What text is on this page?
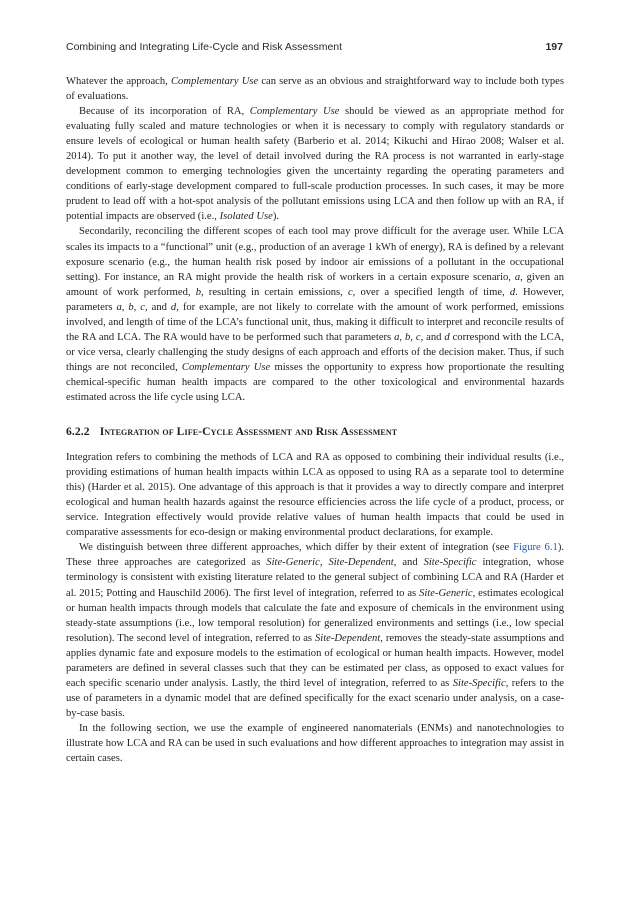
Combining and Integrating Life-Cycle and Risk Assessment	197

Whatever the approach, Complementary Use can serve as an obvious and straightforward way to include both types of evaluations.

Because of its incorporation of RA, Complementary Use should be viewed as an appropriate method for evaluating fully scaled and mature technologies or when it is necessary to comply with regulatory standards or ensure levels of ecological or human health safety (Barberio et al. 2014; Kikuchi and Hirao 2008; Walser et al. 2014). To put it another way, the level of detail involved during the RA process is not warranted in early-stage development common to emerging technologies given the uncertainty regarding the operating parameters and conditions of early-stage development compared to full-scale production processes. In such cases, it may be more prudent to lead off with a hot-spot analysis of the pollutant emissions using LCA and then follow up with an RA, if potential impacts are observed (i.e., Isolated Use).

Secondarily, reconciling the different scopes of each tool may prove difficult for the average user. While LCA scales its impacts to a “functional” unit (e.g., production of an average 1 kWh of energy), RA is defined by a relevant exposure scenario (e.g., the human health risk posed by indoor air emissions of a pollutant in the occupational setting). For instance, an RA might provide the health risk of workers in a certain exposure scenario, a, given an amount of work performed, b, resulting in certain emissions, c, over a specified length of time, d. However, parameters a, b, c, and d, for example, are not likely to correlate with the amount of work performed, emissions involved, and length of time of the LCA’s functional unit, thus, making it difficult to interpret and reconcile results of the RA and LCA. The RA would have to be performed such that parameters a, b, c, and d correspond with the LCA, or vice versa, clearly challenging the study designs of each approach and efforts of the decision maker. Thus, if such things are not reconciled, Complementary Use misses the opportunity to express how proportionate the resulting chemical-specific human health impacts are compared to the other toxicological and environmental hazards estimated across the life cycle using LCA.

6.2.2 Integration of Life-Cycle Assessment and Risk Assessment

Integration refers to combining the methods of LCA and RA as opposed to combining their individual results (i.e., providing estimations of human health impacts within LCA as opposed to using RA as a separate tool to determine this) (Harder et al. 2015). One advantage of this approach is that it provides a way to directly compare and interpret ecological and human health hazards against the resource efficiencies across the life cycle of a product, process, or service. Integration effectively would provide relative values of human health impacts that could be used in comparative assessments for eco-design or making environmental product declarations, for example.

We distinguish between three different approaches, which differ by their extent of integration (see Figure 6.1). These three approaches are categorized as Site-Generic, Site-Dependent, and Site-Specific integration, whose terminology is consistent with existing literature related to the general subject of combining LCA and RA (Harder et al. 2015; Potting and Hauschild 2006). The first level of integration, referred to as Site-Generic, estimates ecological or human health impacts through models that calculate the fate and exposure of chemicals in the environment using steady-state assumptions (i.e., low temporal resolution) for generalized environments and settings (i.e., low special resolution). The second level of integration, referred to as Site-Dependent, removes the steady-state assumptions and applies dynamic fate and exposure models to the estimation of ecological or human health impacts. However, model parameters are defined in several classes such that they can be estimated per class, as opposed to exact values for each specific scenario under analysis. Lastly, the third level of integration, referred to as Site-Specific, refers to the use of parameters in a dynamic model that are defined specifically for the exact scenario under analysis, on a case-by-case basis.

In the following section, we use the example of engineered nanomaterials (ENMs) and nanotechnologies to illustrate how LCA and RA can be used in such evaluations and how different approaches to integration may assist in certain cases.
